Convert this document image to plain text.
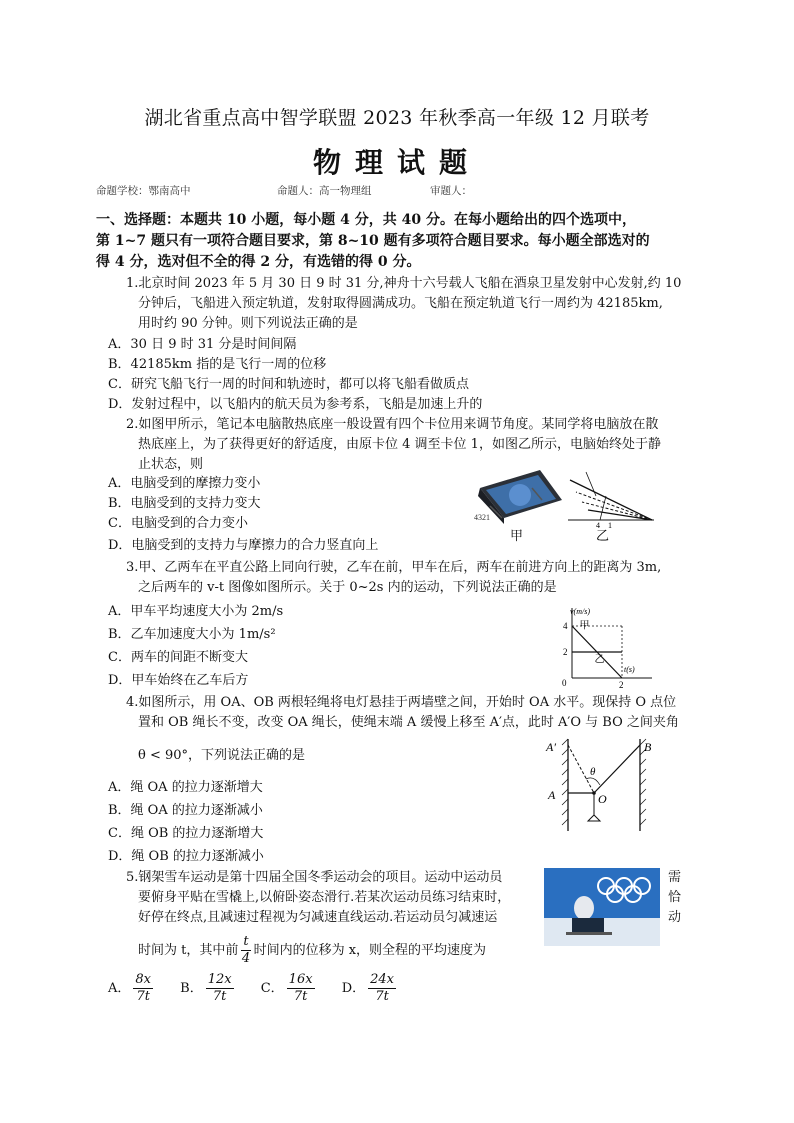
湖北省重点高中智学联盟 2023 年秋季高一年级 12 月联考
物理试题
命题学校：鄂南高中	命题人：高一物理组	审题人：
一、选择题：本题共 10 小题，每小题 4 分，共 40 分。在每小题给出的四个选项中，
第 1~7 题只有一项符合题目要求，第 8~10 题有多项符合题目要求。每小题全部选对的
得 4 分，选对但不全的得 2 分，有选错的得 0 分。
1.北京时间 2023 年 5 月 30 日 9 时 31 分,神舟十六号载人飞船在酒泉卫星发射中心发射,约 10
分钟后，飞船进入预定轨道，发射取得圆满成功。飞船在预定轨道飞行一周约为 42185km,
用时约 90 分钟。则下列说法正确的是
A．30 日 9 时 31 分是时间间隔
B．42185km 指的是飞行一周的位移
C．研究飞船飞行一周的时间和轨迹时，都可以将飞船看做质点
D．发射过程中，以飞船内的航天员为参考系，飞船是加速上升的
2.如图甲所示，笔记本电脑散热底座一般设置有四个卡位用来调节角度。某同学将电脑放在散
热底座上，为了获得更好的舒适度，由原卡位 4 调至卡位 1，如图乙所示，电脑始终处于静
止状态，则
A．电脑受到的摩擦力变小
B．电脑受到的支持力变大
C．电脑受到的合力变小
D．电脑受到的支持力与摩擦力的合力竖直向上
4321
甲
4 1
乙
3.甲、乙两车在平直公路上同向行驶，乙车在前，甲车在后，两车在前进方向上的距离为 3m,
之后两车的 v-t 图像如图所示。关于 0~2s 内的运动，下列说法正确的是
A．甲车平均速度大小为 2m/s
B．乙车加速度大小为 1m/s²
C．两车的间距不断变大
D．甲车始终在乙车后方
v(m/s)
t(s)
0
2
4
2
甲
乙
4.如图所示，用 OA、OB 两根轻绳将电灯悬挂于两墙壁之间，开始时 OA 水平。现保持 O 点位
置和 OB 绳长不变，改变 OA 绳长，使绳末端 A 缓慢上移至 A′点，此时 A′O 与 BO 之间夹角
θ < 90°，下列说法正确的是
A．绳 OA 的拉力逐渐增大
B．绳 OA 的拉力逐渐减小
C．绳 OB 的拉力逐渐增大
D．绳 OB 的拉力逐渐减小
A′
A
B
O
θ
5.钢架雪车运动是第十四届全国冬季运动会的项目。运动中运动员
要俯身平贴在雪橇上,以俯卧姿态滑行.若某次运动员练习结束时，
好停在终点,且减速过程视为匀减速直线运动.若运动员匀减速运
需
恰
动
时间为 t，其中前 $\frac{t}{4}$ 时间内的位移为 x，则全程的平均速度为
A． $\frac{8x}{7t}$ B． $\frac{12x}{7t}$ C． $\frac{16x}{7t}$ D． $\frac{24x}{7t}$
